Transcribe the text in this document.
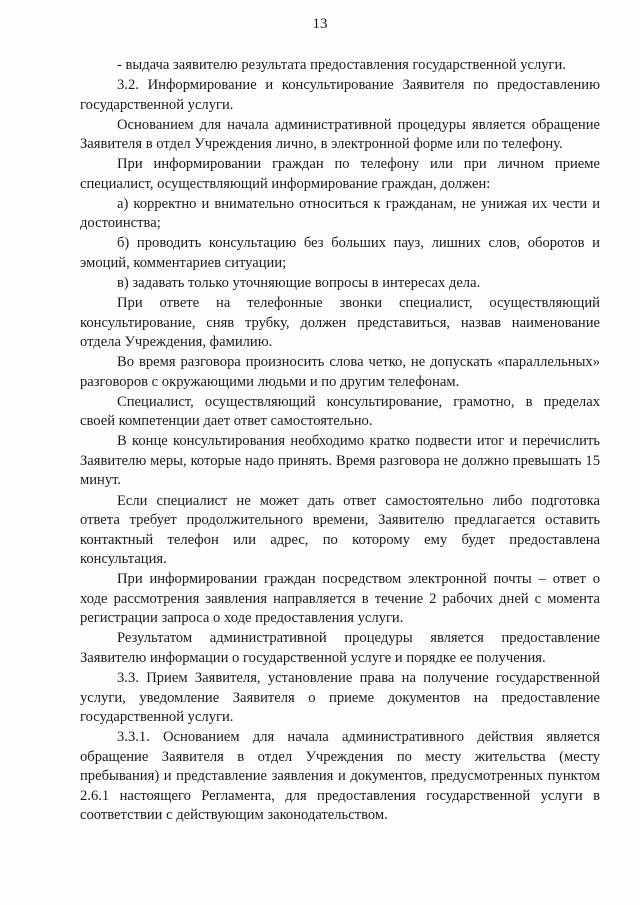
13

- выдача заявителю результата предоставления государственной услуги.

3.2. Информирование и консультирование Заявителя по предоставлению государственной услуги.

Основанием для начала административной процедуры является обращение Заявителя в отдел Учреждения лично, в электронной форме или по телефону.

При информировании граждан по телефону или при личном приеме специалист, осуществляющий информирование граждан, должен:

а) корректно и внимательно относиться к гражданам, не унижая их чести и достоинства;

б) проводить консультацию без больших пауз, лишних слов, оборотов и эмоций, комментариев ситуации;

в) задавать только уточняющие вопросы в интересах дела.

При ответе на телефонные звонки специалист, осуществляющий консультирование, сняв трубку, должен представиться, назвав наименование отдела Учреждения, фамилию.

Во время разговора произносить слова четко, не допускать «параллельных» разговоров с окружающими людьми и по другим телефонам.

Специалист, осуществляющий консультирование, грамотно, в пределах своей компетенции дает ответ самостоятельно.

В конце консультирования необходимо кратко подвести итог и перечислить Заявителю меры, которые надо принять. Время разговора не должно превышать 15 минут.

Если специалист не может дать ответ самостоятельно либо подготовка ответа требует продолжительного времени, Заявителю предлагается оставить контактный телефон или адрес, по которому ему будет предоставлена консультация.

При информировании граждан посредством электронной почты – ответ о ходе рассмотрения заявления направляется в течение 2 рабочих дней с момента регистрации запроса о ходе предоставления услуги.

Результатом административной процедуры является предоставление Заявителю информации о государственной услуге и порядке ее получения.

3.3. Прием Заявителя, установление права на получение государственной услуги, уведомление Заявителя о приеме документов на предоставление государственной услуги.

3.3.1. Основанием для начала административного действия является обращение Заявителя в отдел Учреждения по месту жительства (месту пребывания) и представление заявления и документов, предусмотренных пунктом 2.6.1 настоящего Регламента, для предоставления государственной услуги в соответствии с действующим законодательством.
